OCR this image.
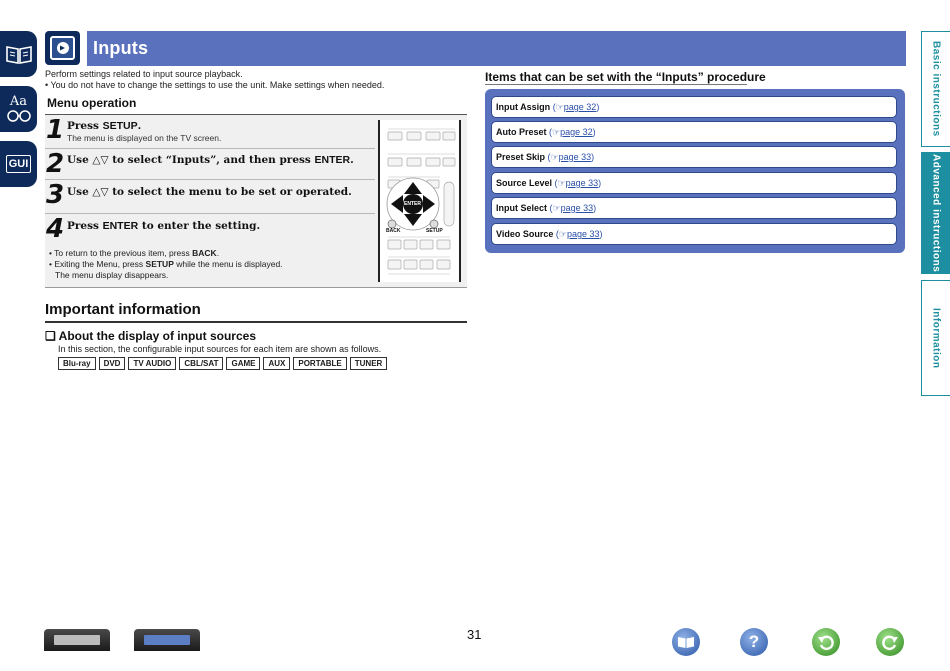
Aa
GUI
Basic instructions
Advanced instructions
Information
Inputs
Perform settings related to input source playback.
• You do not have to change the settings to use the unit. Make settings when needed.
Menu operation
1 Press SETUP.
The menu is displayed on the TV screen.
2 Use △▽ to select “Inputs”, and then press ENTER.
3 Use △▽ to select the menu to be set or operated.
4 Press ENTER to enter the setting.
• To return to the previous item, press BACK.
• Exiting the Menu, press SETUP while the menu is displayed.
The menu display disappears.
ENTER
BACK	SETUP
Important information
❏ About the display of input sources
In this section, the configurable input sources for each item are shown as follows.
Blu-ray	DVD	TV AUDIO	CBL/SAT	GAME	AUX	PORTABLE	TUNER
Items that can be set with the “Inputs” procedure
Input Assign (☞page 32)
Auto Preset (☞page 32)
Preset Skip (☞page 33)
Source Level (☞page 33)
Input Select (☞page 33)
Video Source (☞page 33)
31	?
